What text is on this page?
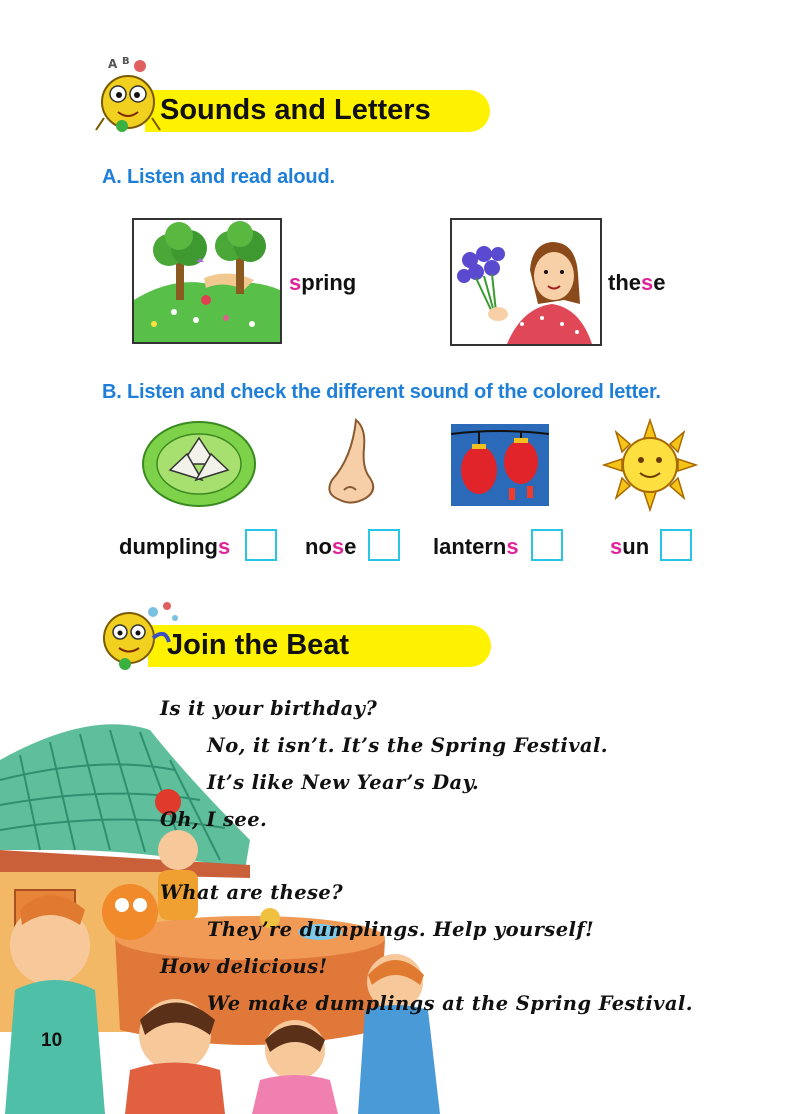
A B
Sounds and Letters
A. Listen and read aloud.
spring	these
B. Listen and check the different sound of the colored letter.
dumplings	nose	lanterns	sun
Join the Beat
Is it your birthday?
No, it isn’t. It’s the Spring Festival.
It’s like New Year’s Day.
Oh, I see.
What are these?
They’re dumplings. Help yourself!
How delicious!
We make dumplings at the Spring Festival.
10
